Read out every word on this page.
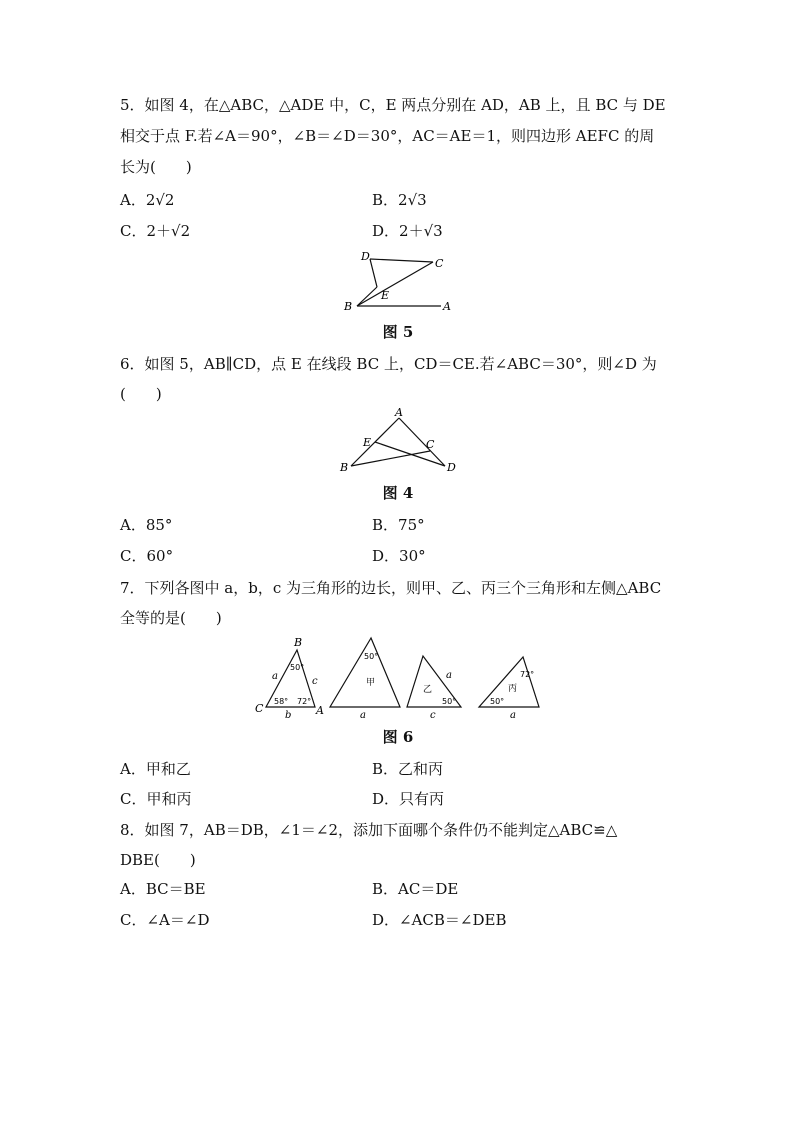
5．如图 4，在△ABC，△ADE 中，C，E 两点分别在 AD，AB 上，且 BC 与 DE
相交于点 F.若∠A＝90°，∠B＝∠D＝30°，AC＝AE＝1，则四边形 AEFC 的周
长为(　　)
A．2√2	B．2√3
C．2＋√2	D．2＋√3
D
C
E
B	A
图 5
6．如图 5，AB∥CD，点 E 在线段 BC 上，CD＝CE.若∠ABC＝30°，则∠D 为
(　　)
A
E	C
B	D
图 4
A．85°	B．75°
C．60°	D．30°
7．下列各图中 a，b，c 为三角形的边长，则甲、乙、丙三个三角形和左侧△ABC
全等的是(　　)
B
C	A
a	c
b
50°
58° 72°
50°
甲
a
乙
a
50°
c
72°
丙
50°
a
图 6
A．甲和乙	B．乙和丙
C．甲和丙	D．只有丙
8．如图 7，AB＝DB，∠1＝∠2，添加下面哪个条件仍不能判定△ABC≌△
DBE(　　)
A．BC＝BE	B．AC＝DE
C．∠A＝∠D	D．∠ACB＝∠DEB
